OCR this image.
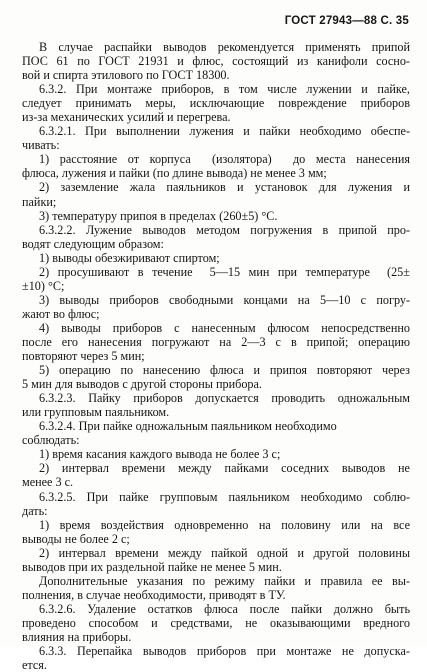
ГОСТ 27943—88 С. 35
В случае распайки выводов рекомендуется применять припой
ПОС 61 по ГОСТ 21931 и флюс, состоящий из канифоли сосно-
вой и спирта этилового по ГОСТ 18300.
6.3.2. При монтаже приборов, в том числе лужении и пайке,
следует принимать меры, исключающие повреждение приборов
из-за механических усилий и перегрева.
6.3.2.1. При выполнении лужения и пайки необходимо обеспе-
чивать:
1) расстояние от корпуса  (изолятора)  до места нанесения
флюса, лужения и пайки (по длине вывода) не менее 3 мм;
2) заземление жала паяльников и установок для лужения и
пайки;
3) температуру припоя в пределах (260±5) °С.
6.3.2.2. Лужение выводов методом погружения в припой про-
водят следующим образом:
1) выводы обезжиривают спиртом;
2) просушивают в течение  5—15 мин при температуре  (25±
±10) °С;
3) выводы приборов свободными концами на 5—10 с погру-
жают во флюс;
4) выводы приборов с нанесенным флюсом непосредственно
после его нанесения погружают на 2—3 с в припой; операцию
повторяют через 5 мин;
5) операцию по нанесению флюса и припоя повторяют через
5 мин для выводов с другой стороны прибора.
6.3.2.3. Пайку приборов допускается проводить одножальным
или групповым паяльником.
6.3.2.4. При пайке одножальным паяльником необходимо
соблюдать:
1) время касания каждого вывода не более 3 с;
2) интервал времени между пайками соседних выводов не
менее 3 с.
6.3.2.5. При пайке групповым паяльником необходимо соблю-
дать:
1) время воздействия одновременно на половину или на все
выводы не более 2 с;
2) интервал времени между пайкой одной и другой половины
выводов при их раздельной пайке не менее 5 мин.
Дополнительные указания по режиму пайки и правила ее вы-
полнения, в случае необходимости, приводят в ТУ.
6.3.2.6. Удаление остатков флюса после пайки должно быть
проведено способом и средствами, не оказывающими вредного
влияния на приборы.
6.3.3. Перепайка выводов приборов при монтаже не допуска-
ется.
